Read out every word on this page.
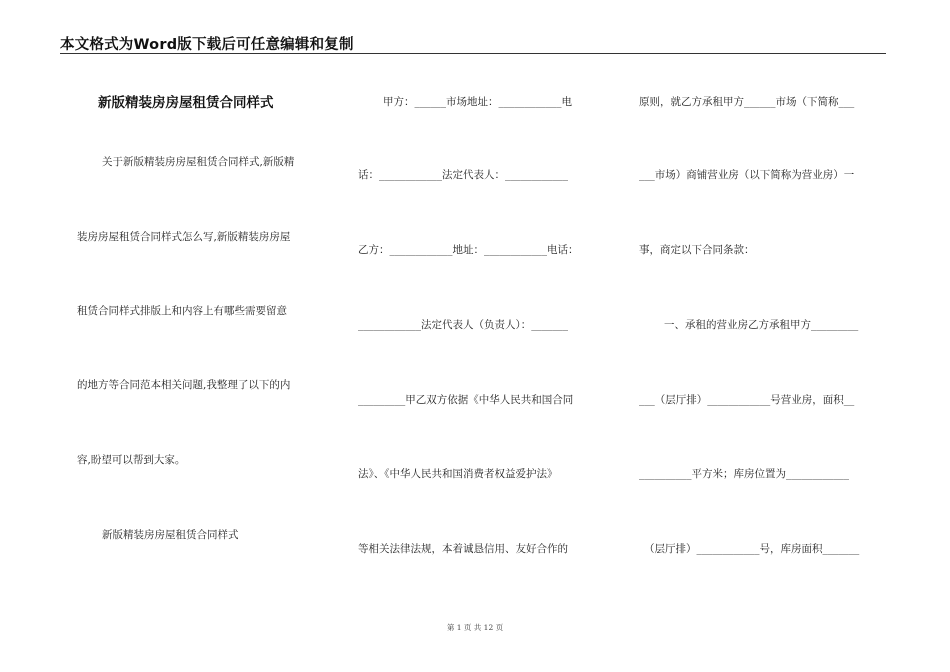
本文格式为Word版下载后可任意编辑和复制
新版精装房房屋租赁合同样式
关于新版精装房房屋租赁合同样式,新版精
装房房屋租赁合同样式怎么写,新版精装房房屋
租赁合同样式排版上和内容上有哪些需要留意
的地方等合同范本相关问题,我整理了以下的内
容,盼望可以帮到大家。
新版精装房房屋租赁合同样式
甲方：______市场地址：____________电
话：____________法定代表人：____________
乙方：____________地址：____________电话：
____________法定代表人（负责人）：_______
_________甲乙双方依据《中华人民共和国合同
法》、《中华人民共和国消费者权益爱护法》
等相关法律法规，本着诚恳信用、友好合作的
原则，就乙方承租甲方______市场（下简称___
___市场）商铺营业房（以下简称为营业房）一
事，商定以下合同条款：
一、承租的营业房乙方承租甲方_________
___（层厅排）____________号营业房，面积__
__________平方米；库房位置为____________
（层厅排）____________号，库房面积_______
第 1 页 共 12 页
